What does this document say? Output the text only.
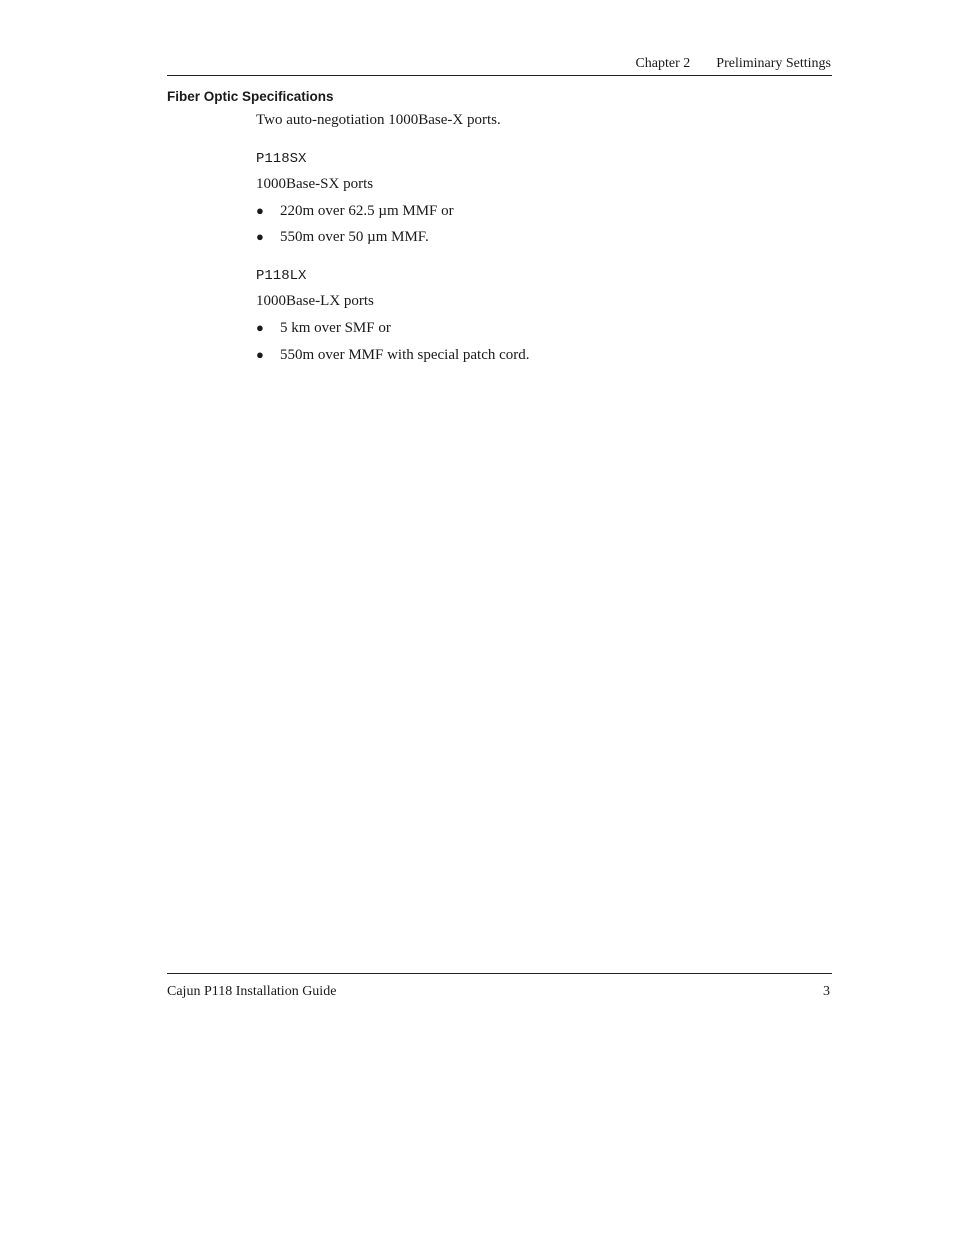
Chapter 2 Preliminary Settings
Fiber Optic Specifications
Two auto-negotiation 1000Base-X ports.
P118SX
1000Base-SX ports
● 220m over 62.5 µm MMF or
● 550m over 50 µm MMF.
P118LX
1000Base-LX ports
● 5 km over SMF or
● 550m over MMF with special patch cord.
Cajun P118 Installation Guide	3
